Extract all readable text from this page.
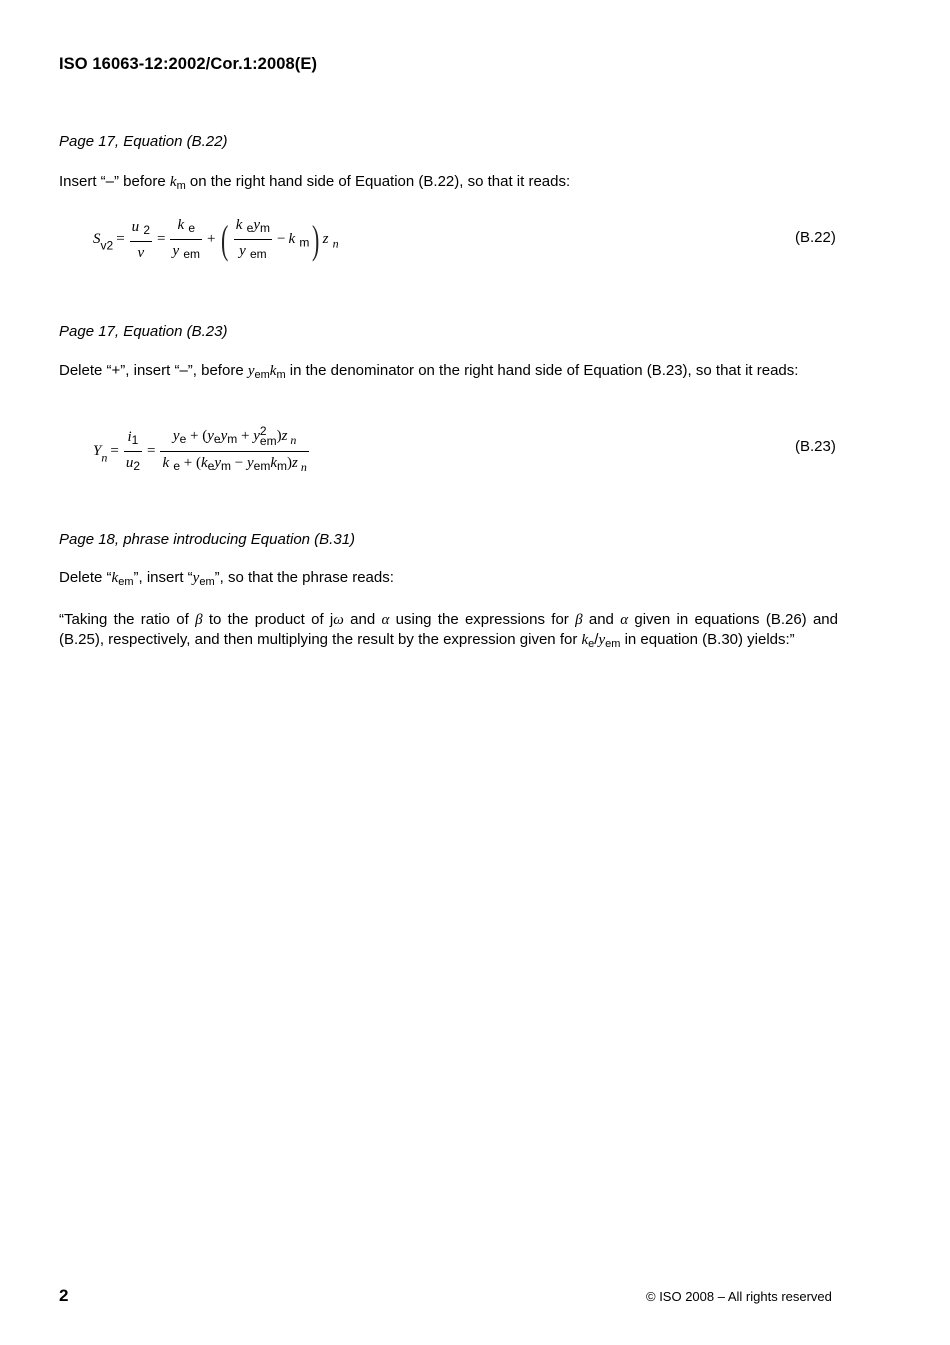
ISO 16063-12:2002/Cor.1:2008(E)
Page 17, Equation (B.22)
Insert “–” before $k_m$ on the right hand side of Equation (B.22), so that it reads:
$S_{v2} = \frac{u _2}{v} = \frac{k _e}{y _{em}}$ + ( $\frac{k _ey_m}{y _{em}} - k$ $_m$) z $_n$	(B.22)
Page 17, Equation (B.23)
Delete “+”, insert “–”, before $y_{em}k_m$ in the denominator on the right hand side of Equation (B.23), so that it reads:
$Y_n = \frac{i_1}{u_2} = y_e + (y_ey_m + y$ 2
em )z $_n$
k $_e + (k_ey_m - y_{em}k_m)z$ $_n$	(B.23)
Page 18, phrase introducing Equation (B.31)
Delete “$k_{em}$”, insert “$y_{em}$”, so that the phrase reads:
“Taking the ratio of β to the product of jω and α using the expressions for β and α given in equations (B.26) and (B.25), respectively, and then multiplying the result by the expression given for $k_e/y_{em}$ in equation (B.30) yields:”
2	© ISO 2008 – All rights reserved
